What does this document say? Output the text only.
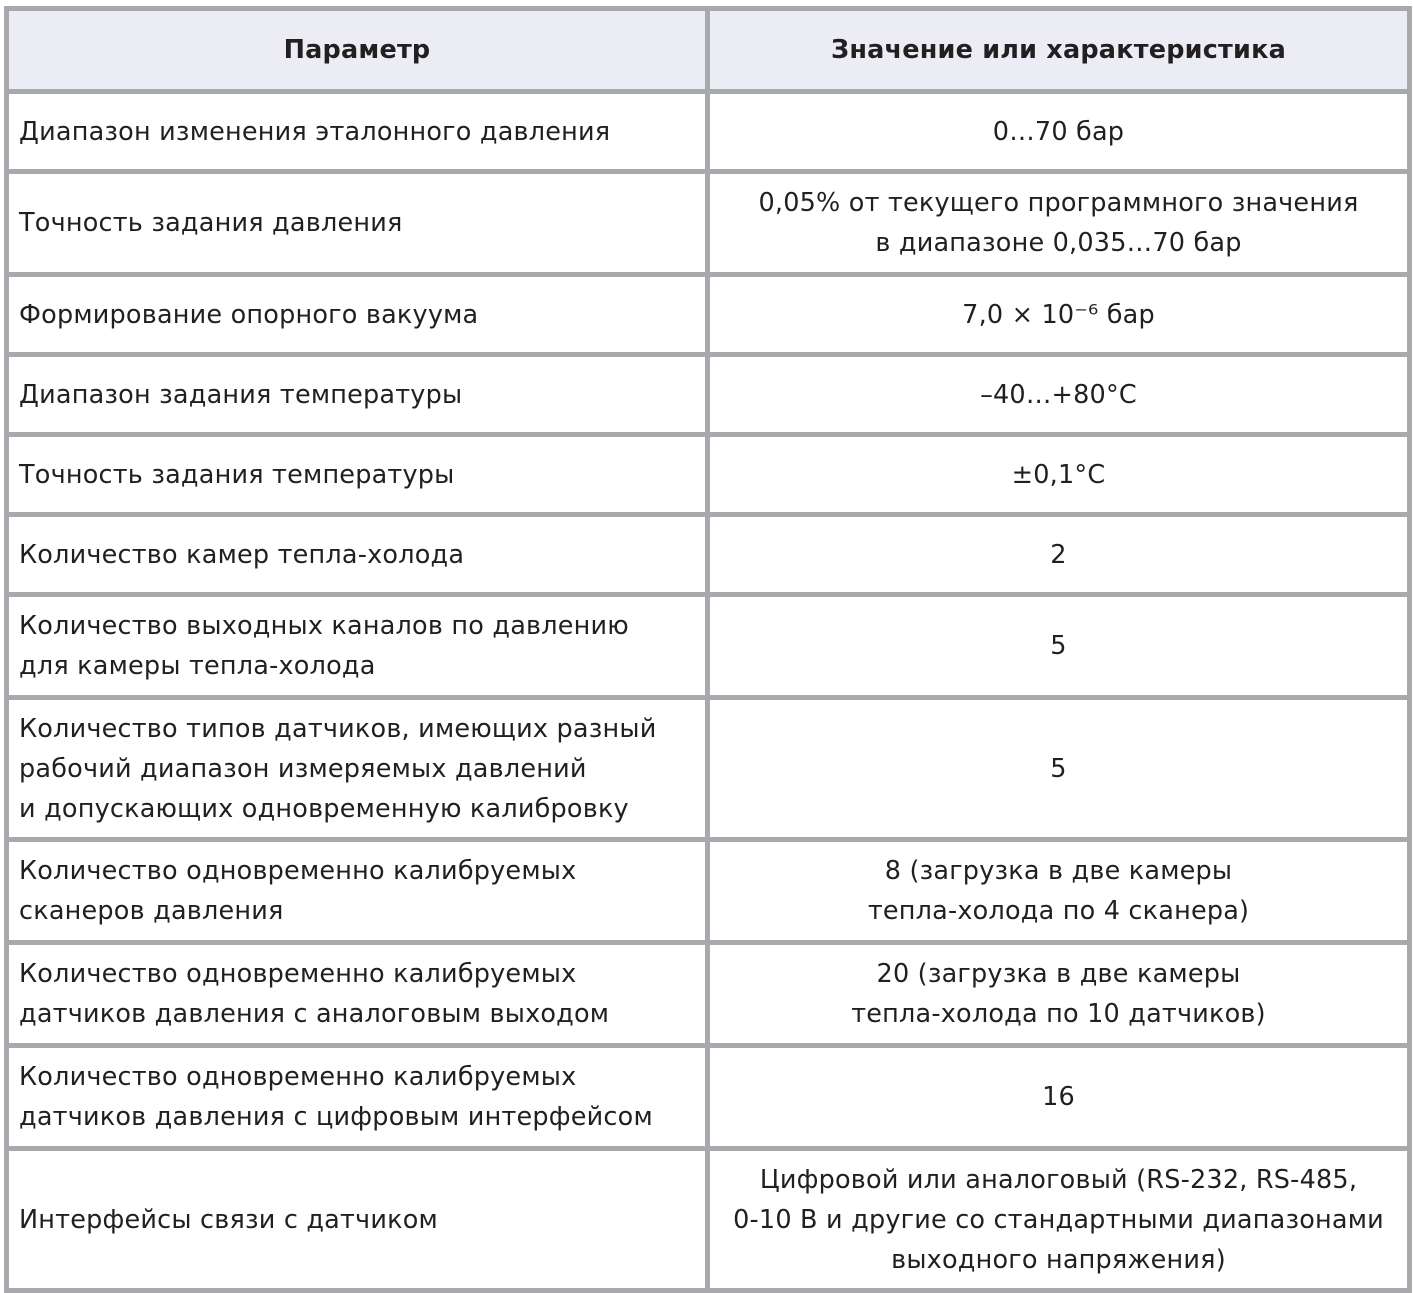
Параметр	Значение или характеристика

Диапазон изменения эталонного давления	0…70 бар

Точность задания давления	0,05% от текущего программного значения
в диапазоне 0,035…70 бар

Формирование опорного вакуума	7,0 × 10⁻⁶ бар

Диапазон задания температуры	–40…+80°C

Точность задания температуры	±0,1°C

Количество камер тепла-холода	2

Количество выходных каналов по давлению
для камеры тепла-холода	5

Количество типов датчиков, имеющих разный
рабочий диапазон измеряемых давлений
и допускающих одновременную калибровку	5

Количество одновременно калибруемых
сканеров давления	8 (загрузка в две камеры
тепла-холода по 4 сканера)

Количество одновременно калибруемых
датчиков давления с аналоговым выходом	20 (загрузка в две камеры
тепла-холода по 10 датчиков)

Количество одновременно калибруемых
датчиков давления с цифровым интерфейсом	16

Интерфейсы связи с датчиком	Цифровой или аналоговый (RS-232, RS-485,
0-10 В и другие со стандартными диапазонами
выходного напряжения)
